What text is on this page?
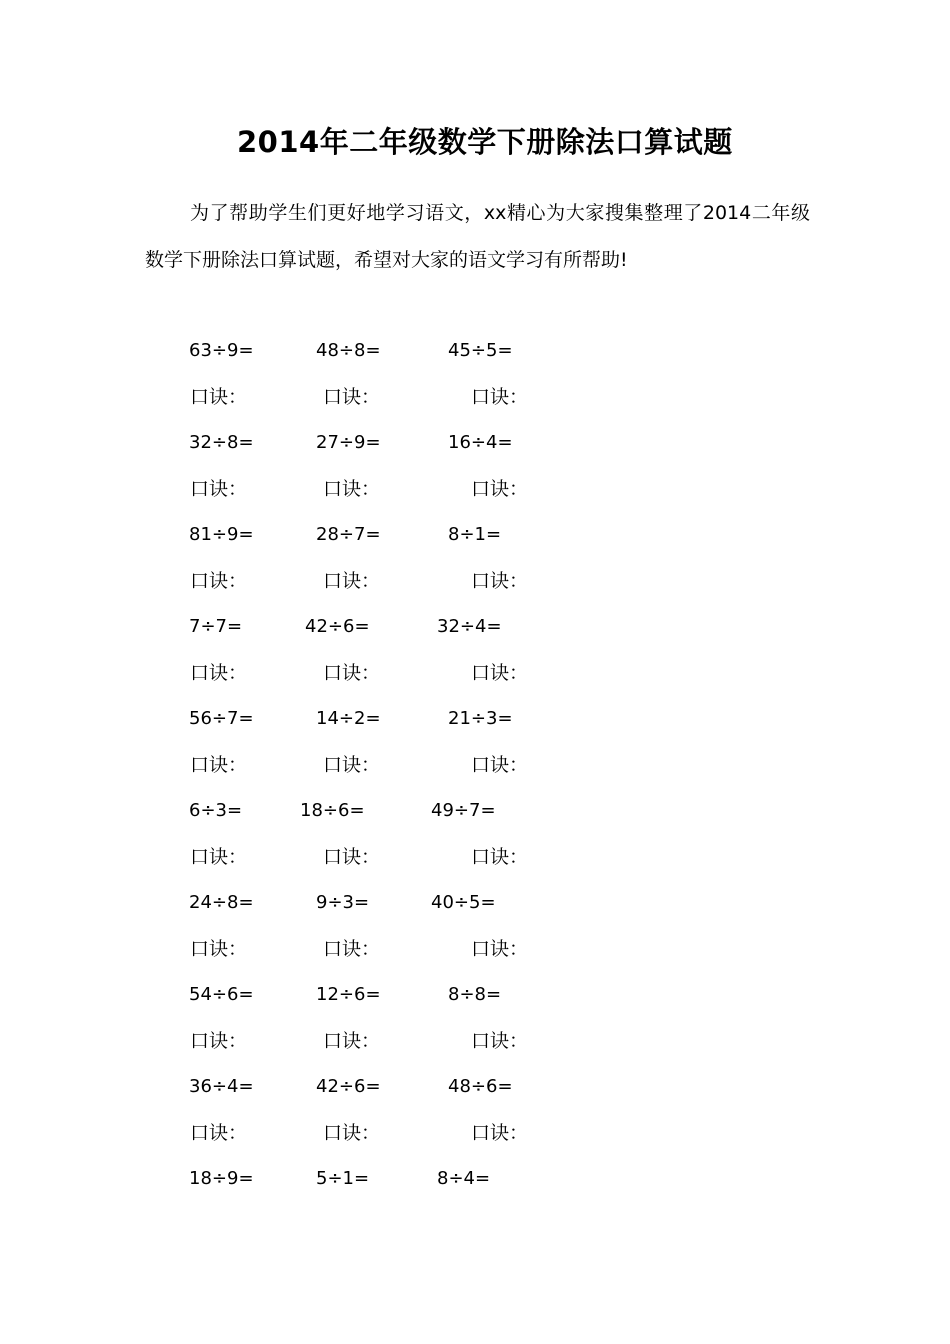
2014年二年级数学下册除法口算试题

为了帮助学生们更好地学习语文，xx精心为大家搜集整理了2014二年级数学下册除法口算试题，希望对大家的语文学习有所帮助!

63÷9=	48÷8=	45÷5=
口诀：	口诀：	口诀：
32÷8=	27÷9=	16÷4=
口诀：	口诀：	口诀：
81÷9=	28÷7=	8÷1=
口诀：	口诀：	口诀：
7÷7=	42÷6=	32÷4=
口诀：	口诀：	口诀：
56÷7=	14÷2=	21÷3=
口诀：	口诀：	口诀：
6÷3=	18÷6=	49÷7=
口诀：	口诀：	口诀：
24÷8=	9÷3=	40÷5=
口诀：	口诀：	口诀：
54÷6=	12÷6=	8÷8=
口诀：	口诀：	口诀：
36÷4=	42÷6=	48÷6=
口诀：	口诀：	口诀：
18÷9=	5÷1=	8÷4=
